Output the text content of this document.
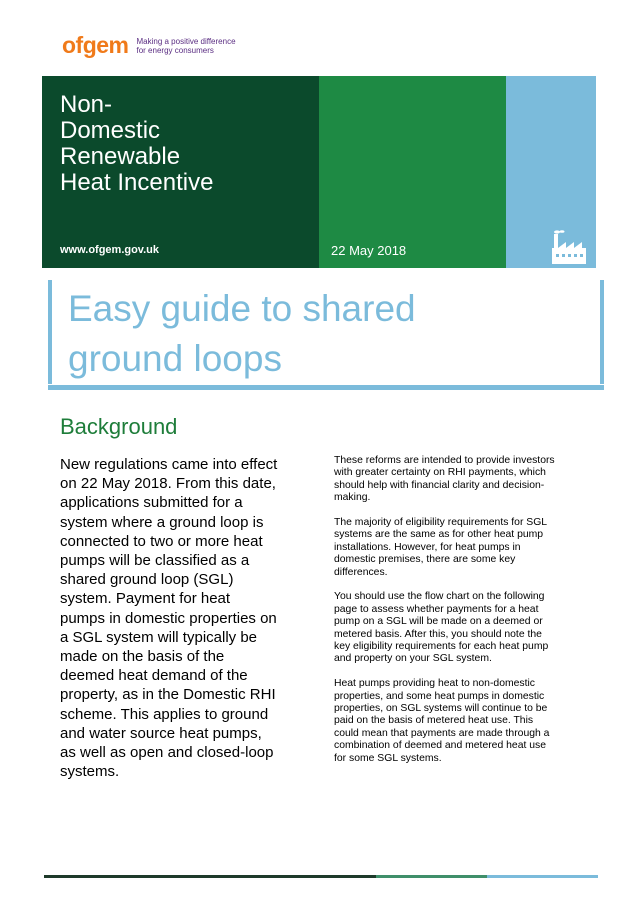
ofgem Making a positive difference
for energy consumers
Non-
Domestic
Renewable
Heat Incentive
www.ofgem.gov.uk	22 May 2018
Easy guide to shared
ground loops
Background
New regulations came into effect
on 22 May 2018. From this date,
applications submitted for a
system where a ground loop is
connected to two or more heat
pumps will be classified as a
shared ground loop (SGL)
system. Payment for heat
pumps in domestic properties on
a SGL system will typically be
made on the basis of the
deemed heat demand of the
property, as in the Domestic RHI
scheme. This applies to ground
and water source heat pumps,
as well as open and closed-loop
systems.
These reforms are intended to provide investors
with greater certainty on RHI payments, which
should help with financial clarity and decision-
making.
The majority of eligibility requirements for SGL
systems are the same as for other heat pump
installations. However, for heat pumps in
domestic premises, there are some key
differences.
You should use the flow chart on the following
page to assess whether payments for a heat
pump on a SGL will be made on a deemed or
metered basis. After this, you should note the
key eligibility requirements for each heat pump
and property on your SGL system.
Heat pumps providing heat to non-domestic
properties, and some heat pumps in domestic
properties, on SGL systems will continue to be
paid on the basis of metered heat use. This
could mean that payments are made through a
combination of deemed and metered heat use
for some SGL systems.
